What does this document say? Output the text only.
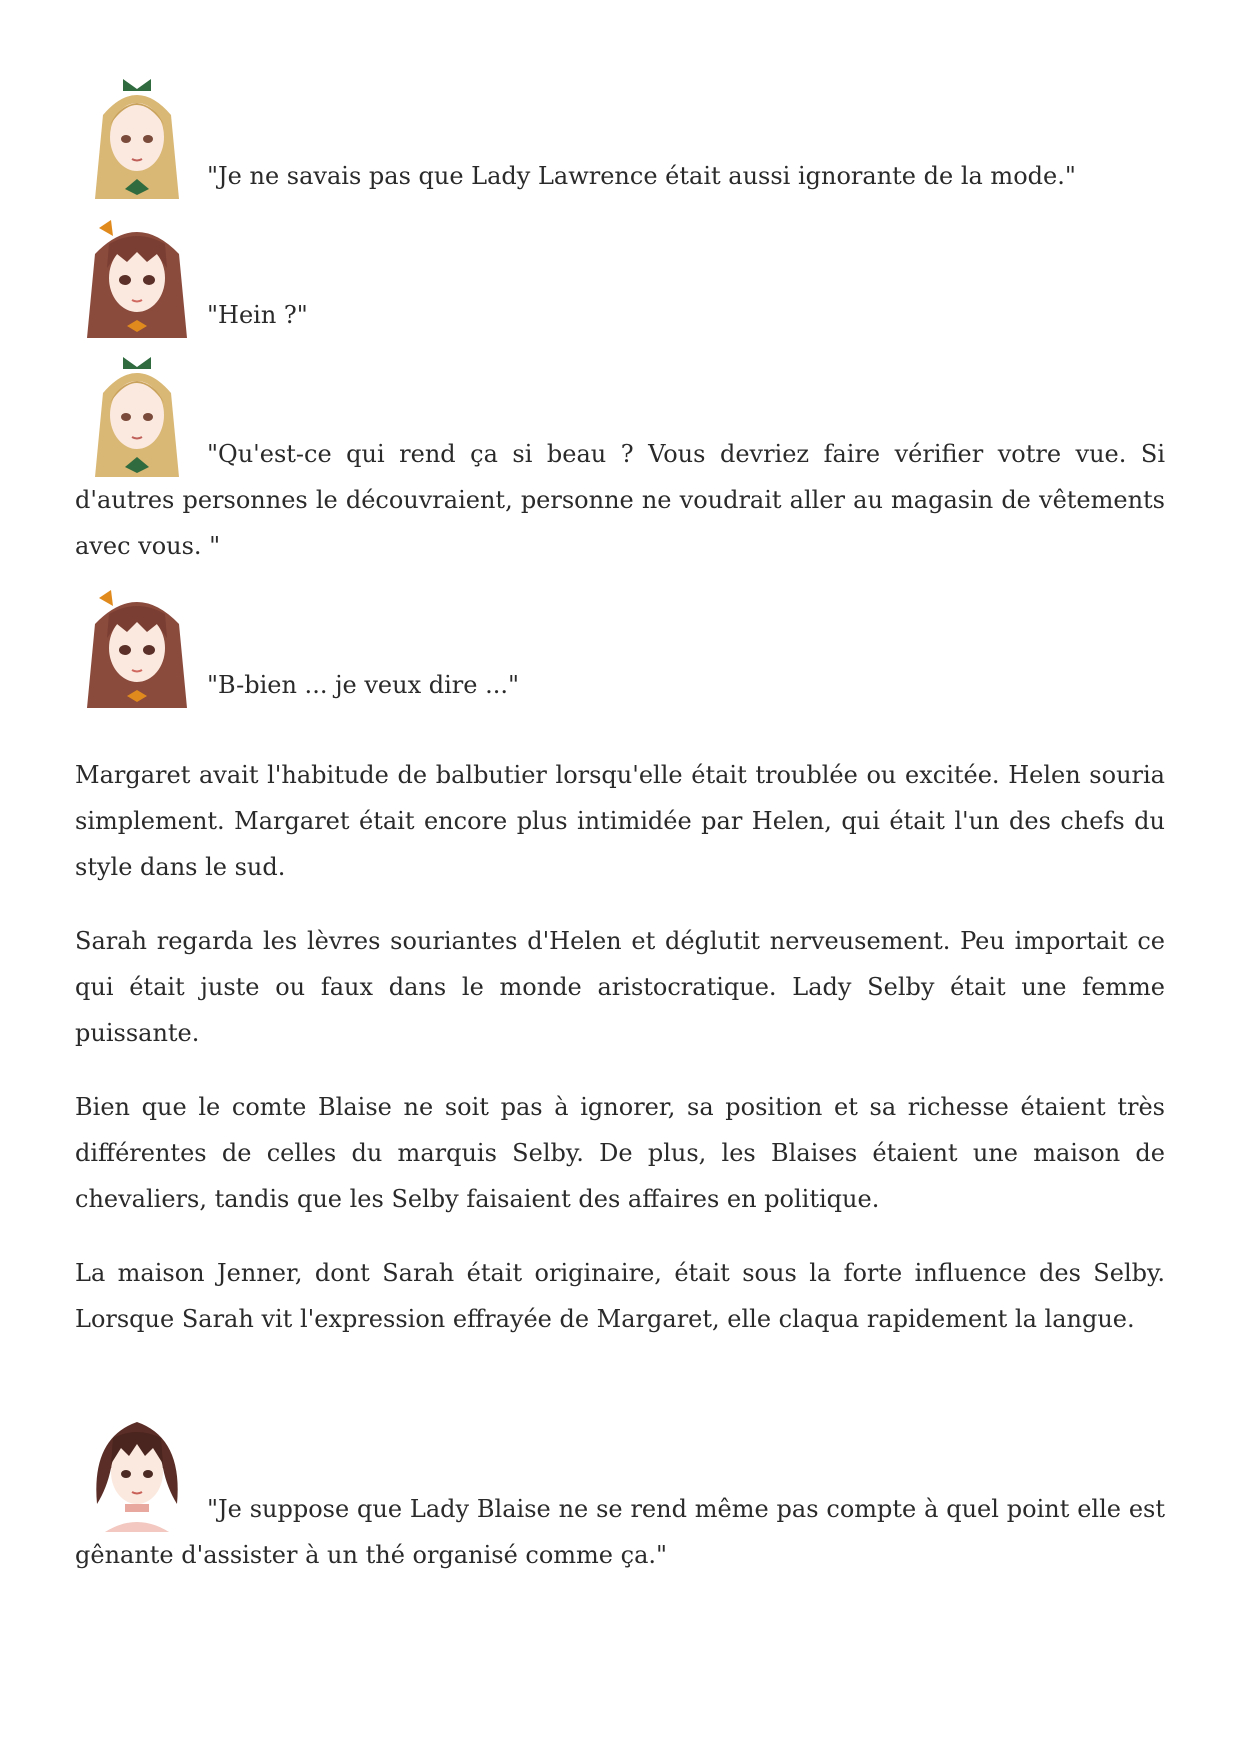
"Je ne savais pas que Lady Lawrence était aussi ignorante de la mode."
"Hein ?"
"Qu'est-ce qui rend ça si beau ? Vous devriez faire vérifier votre vue. Si d'autres personnes le découvraient, personne ne voudrait aller au magasin de vêtements avec vous. "
"B-bien ... je veux dire ..."

Margaret avait l'habitude de balbutier lorsqu'elle était troublée ou excitée. Helen souria simplement. Margaret était encore plus intimidée par Helen, qui était l'un des chefs du style dans le sud.

Sarah regarda les lèvres souriantes d'Helen et déglutit nerveusement. Peu importait ce qui était juste ou faux dans le monde aristocratique. Lady Selby était une femme puissante.

Bien que le comte Blaise ne soit pas à ignorer, sa position et sa richesse étaient très différentes de celles du marquis Selby. De plus, les Blaises étaient une maison de chevaliers, tandis que les Selby faisaient des affaires en politique.

La maison Jenner, dont Sarah était originaire, était sous la forte influence des Selby. Lorsque Sarah vit l'expression effrayée de Margaret, elle claqua rapidement la langue.

"Je suppose que Lady Blaise ne se rend même pas compte à quel point elle est gênante d'assister à un thé organisé comme ça."
